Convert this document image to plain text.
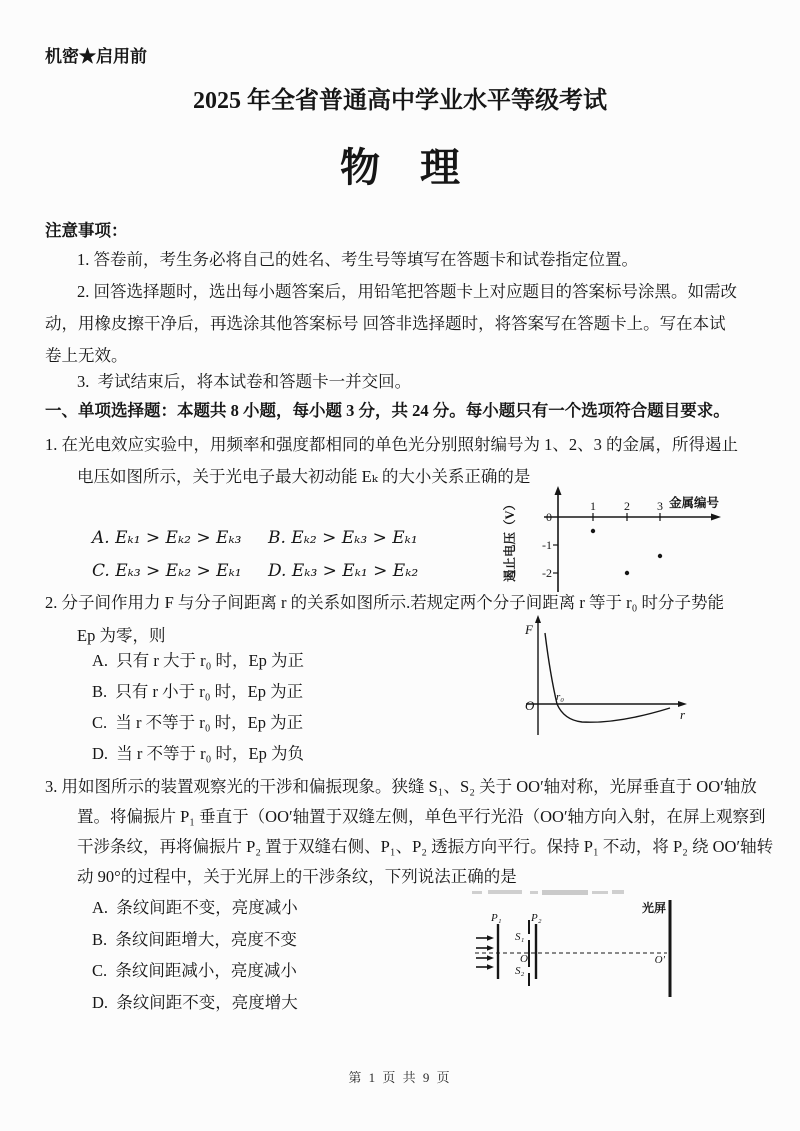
机密★启用前
2025 年全省普通高中学业水平等级考试
物　理
注意事项：
1. 答卷前，考生务必将自己的姓名、考生号等填写在答题卡和试卷指定位置。
2. 回答选择题时，选出每小题答案后，用铅笔把答题卡上对应题目的答案标号涂黑。如需改
动，用橡皮擦干净后，再选涂其他答案标号 回答非选择题时，将答案写在答题卡上。写在本试
卷上无效。
3.  考试结束后，将本试卷和答题卡一并交回。
一、单项选择题：本题共 8 小题，每小题 3 分，共 24 分。每小题只有一个选项符合题目要求。
1. 在光电效应实验中，用频率和强度都相同的单色光分别照射编号为 1、2、3 的金属，所得遏止
电压如图所示，关于光电子最大初动能 Eₖ 的大小关系正确的是
A. Eₖ₁ > Eₖ₂ > Eₖ₃ B. Eₖ₂ > Eₖ₃ > Eₖ₁
C. Eₖ₃ > Eₖ₂ > Eₖ₁ D. Eₖ₃ > Eₖ₁ > Eₖ₂
0
-1
-2
1 2 3 金属编号
遏止电压（V）
2. 分子间作用力 F 与分子间距离 r 的关系如图所示.若规定两个分子间距离 r 等于 r₀ 时分子势能
Ep 为零，则
A.  只有 r 大于 r₀ 时，Ep 为正
B.  只有 r 小于 r₀ 时，Ep 为正
C.  当 r 不等于 r₀ 时，Ep 为正
D.  当 r 不等于 r₀ 时，Ep 为负
F
r
O
r₀
3. 用如图所示的装置观察光的干涉和偏振现象。狭缝 S₁、S₂ 关于 OO′轴对称，光屏垂直于 OO′轴放
置。将偏振片 P₁ 垂直于（OO′轴置于双缝左侧，单色平行光沿（OO′轴方向入射，在屏上观察到
干涉条纹，再将偏振片 P₂ 置于双缝右侧、P₁、P₂ 透振方向平行。保持 P₁ 不动，将 P₂ 绕 OO′轴转
动 90°的过程中，关于光屏上的干涉条纹，下列说法正确的是
A.  条纹间距不变，亮度减小
B.  条纹间距增大，亮度不变
C.  条纹间距减小，亮度减小
D.  条纹间距不变，亮度增大
P₁
S₁
O
S₂
P₂
光屏
O′
第 1 页 共 9 页
